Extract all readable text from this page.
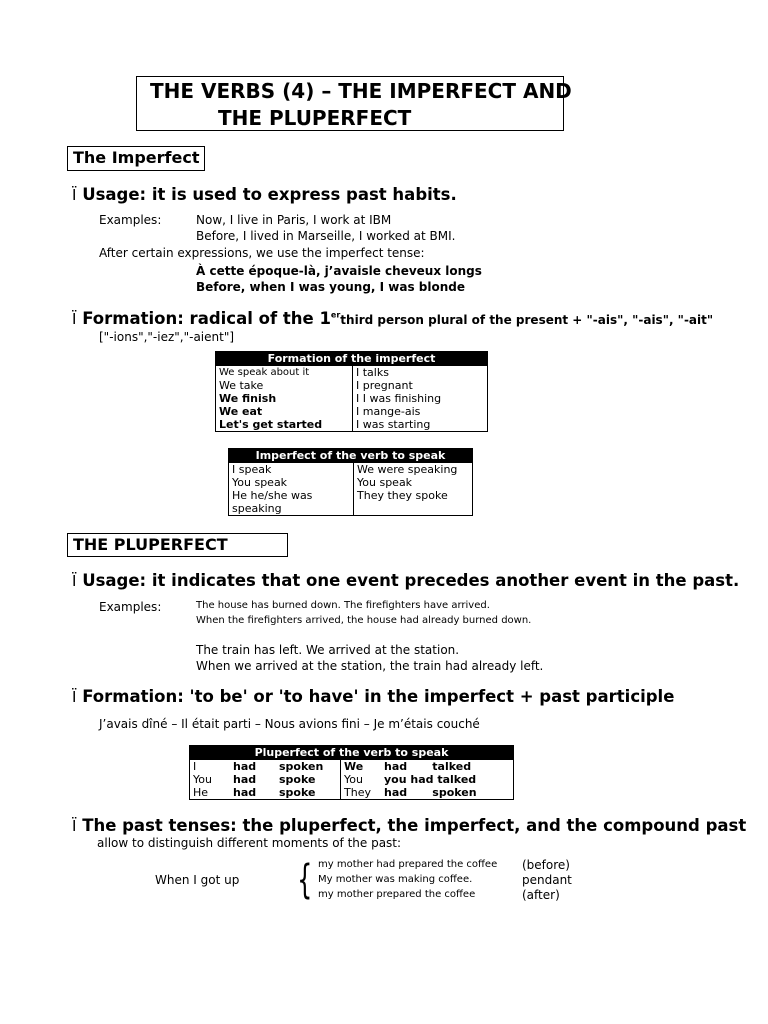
THE VERBS (4) – THE IMPERFECT AND
THE PLUPERFECT
The Imperfect
Ï Usage: it is used to express past habits.
Examples:	Now, I live in Paris, I work at IBM
Before, I lived in Marseille, I worked at BMI.
After certain expressions, we use the imperfect tense:
À cette époque-là, j’avaisle cheveux longs
Before, when I was young, I was blonde
Ï Formation: radical of the 1erthird person plural of the present + "-ais", "-ais", "-ait"
["-ions","-iez","-aient"]
Formation of the imperfect	
We speak about it	I talks
We take	I pregnant
We finish	I I was finishing
We eat	I mange-ais
Let's get started	I was starting
Imperfect of the verb to speak	
I speak	We were speaking
You speak	You speak
He he/she was speaking	They they spoke
THE PLUPERFECT
Ï Usage: it indicates that one event precedes another event in the past.
Examples:	The house has burned down. The firefighters have arrived.
When the firefighters arrived, the house had already burned down.
The train has left. We arrived at the station.
When we arrived at the station, the train had already left.
Ï Formation: 'to be' or 'to have' in the imperfect + past participle
J’avais dîné – Il était parti – Nous avions fini – Je m’étais couché
Pluperfect of the verb to speak					
I	had	spoken	We	had	talked
You	had	spoke	You	you had talked	
He	had	spoke	They	had	spoken
Ï The past tenses: the pluperfect, the imperfect, and the compound past
allow to distinguish different moments of the past:
When I got up { my mother had prepared the coffee
My mother was making coffee.
my mother prepared the coffee
(before)
pendant
(after)
